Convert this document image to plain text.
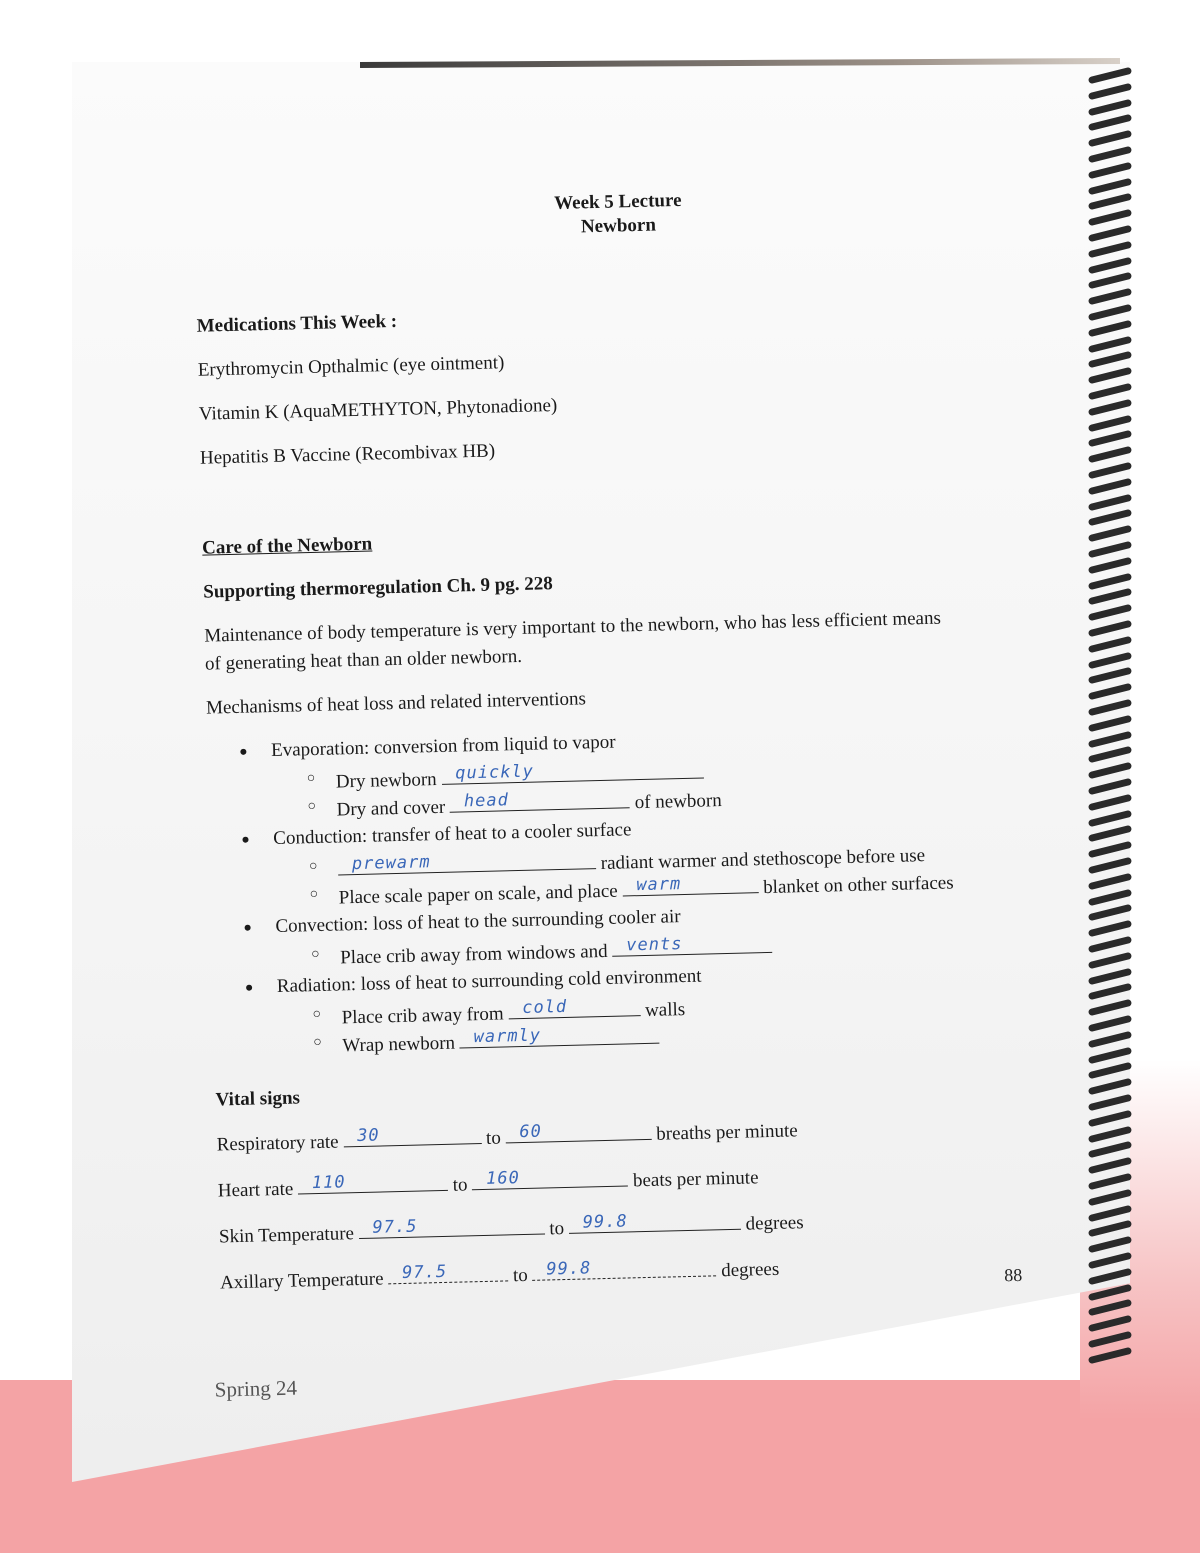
Week 5 Lecture
Newborn
Medications This Week :
Erythromycin Opthalmic (eye ointment)
Vitamin K (AquaMETHYTON, Phytonadione)
Hepatitis B Vaccine (Recombivax HB)
Care of the Newborn
Supporting thermoregulation Ch. 9 pg. 228
Maintenance of body temperature is very important to the newborn, who has less efficient means
of generating heat than an older newborn.
Mechanisms of heat loss and related interventions
● Evaporation: conversion from liquid to vapor
○ Dry newborn quickly
○ Dry and cover head	of newborn
● Conduction: transfer of heat to a cooler surface
○ prewarm	radiant warmer and stethoscope before use
○ Place scale paper on scale, and place warm	blanket on other surfaces
● Convection: loss of heat to the surrounding cooler air
○ Place crib away from windows and vents
● Radiation: loss of heat to surrounding cold environment
○ Place crib away from cold	walls
○ Wrap newborn warmly
Vital signs
Respiratory rate 30	to 60	breaths per minute
Heart rate 110	to 160	beats per minute
Skin Temperature 97.5	to 99.8	degrees
Axillary Temperature 97.5	to 99.8	degrees	88
Spring 24
